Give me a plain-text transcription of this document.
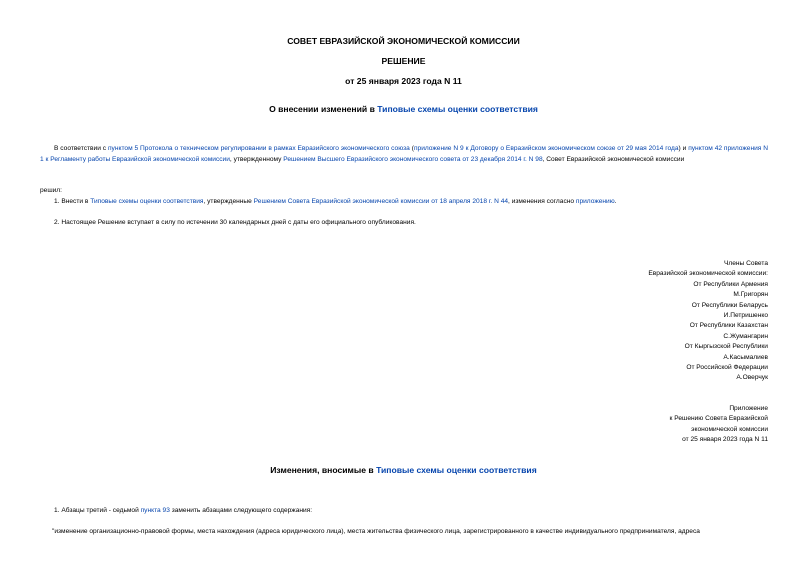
СОВЕТ ЕВРАЗИЙСКОЙ ЭКОНОМИЧЕСКОЙ КОМИССИИ
РЕШЕНИЕ
от 25 января 2023 года N 11
О внесении изменений в Типовые схемы оценки соответствия
В соответствии с пунктом 5 Протокола о техническом регулировании в рамках Евразийского экономического союза (приложение N 9 к Договору о Евразийском экономическом союзе от 29 мая 2014 года) и пунктом 42 приложения N 1 к Регламенту работы Евразийской экономической комиссии, утвержденному Решением Высшего Евразийского экономического совета от 23 декабря 2014 г. N 98, Совет Евразийской экономической комиссии
решил:
1. Внести в Типовые схемы оценки соответствия, утвержденные Решением Совета Евразийской экономической комиссии от 18 апреля 2018 г. N 44, изменения согласно приложению.
2. Настоящее Решение вступает в силу по истечении 30 календарных дней с даты его официального опубликования.
Члены Совета
Евразийской экономической комиссии:
От Республики Армения
М.Григорян
От Республики Беларусь
И.Петришенко
От Республики Казахстан
С.Жумангарин
От Кыргызской Республики
А.Касымалиев
От Российской Федерации
А.Оверчук
Приложение
к Решению Совета Евразийской
экономической комиссии
от 25 января 2023 года N 11
Изменения, вносимые в Типовые схемы оценки соответствия
1. Абзацы третий - седьмой пункта 93 заменить абзацами следующего содержания:
"изменение организационно-правовой формы, места нахождения (адреса юридического лица), места жительства физического лица, зарегистрированного в качестве индивидуального предпринимателя, адреса
